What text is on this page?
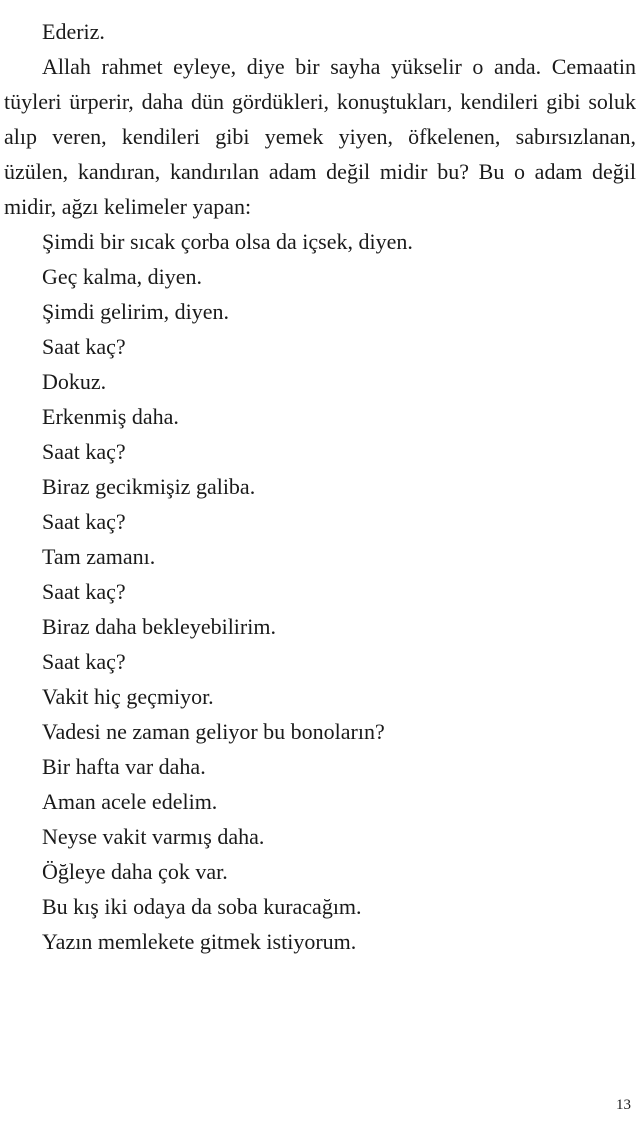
Ederiz.

Allah rahmet eyleye, diye bir sayha yükselir o anda. Cemaatin tüyleri ürperir, daha dün gördükleri, konuştukları, kendileri gibi soluk alıp veren, kendileri gibi yemek yiyen, öfkelenen, sabırsızlanan, üzülen, kandıran, kandırılan adam değil midir bu? Bu o adam değil midir, ağzı kelimeler yapan:

Şimdi bir sıcak çorba olsa da içsek, diyen.

Geç kalma, diyen.

Şimdi gelirim, diyen.

Saat kaç?

Dokuz.

Erkenmiş daha.

Saat kaç?

Biraz gecikmişiz galiba.

Saat kaç?

Tam zamanı.

Saat kaç?

Biraz daha bekleyebilirim.

Saat kaç?

Vakit hiç geçmiyor.

Vadesi ne zaman geliyor bu bonoların?

Bir hafta var daha.

Aman acele edelim.

Neyse vakit varmış daha.

Öğleye daha çok var.

Bu kış iki odaya da soba kuracağım.

Yazın memlekete gitmek istiyorum.

13
